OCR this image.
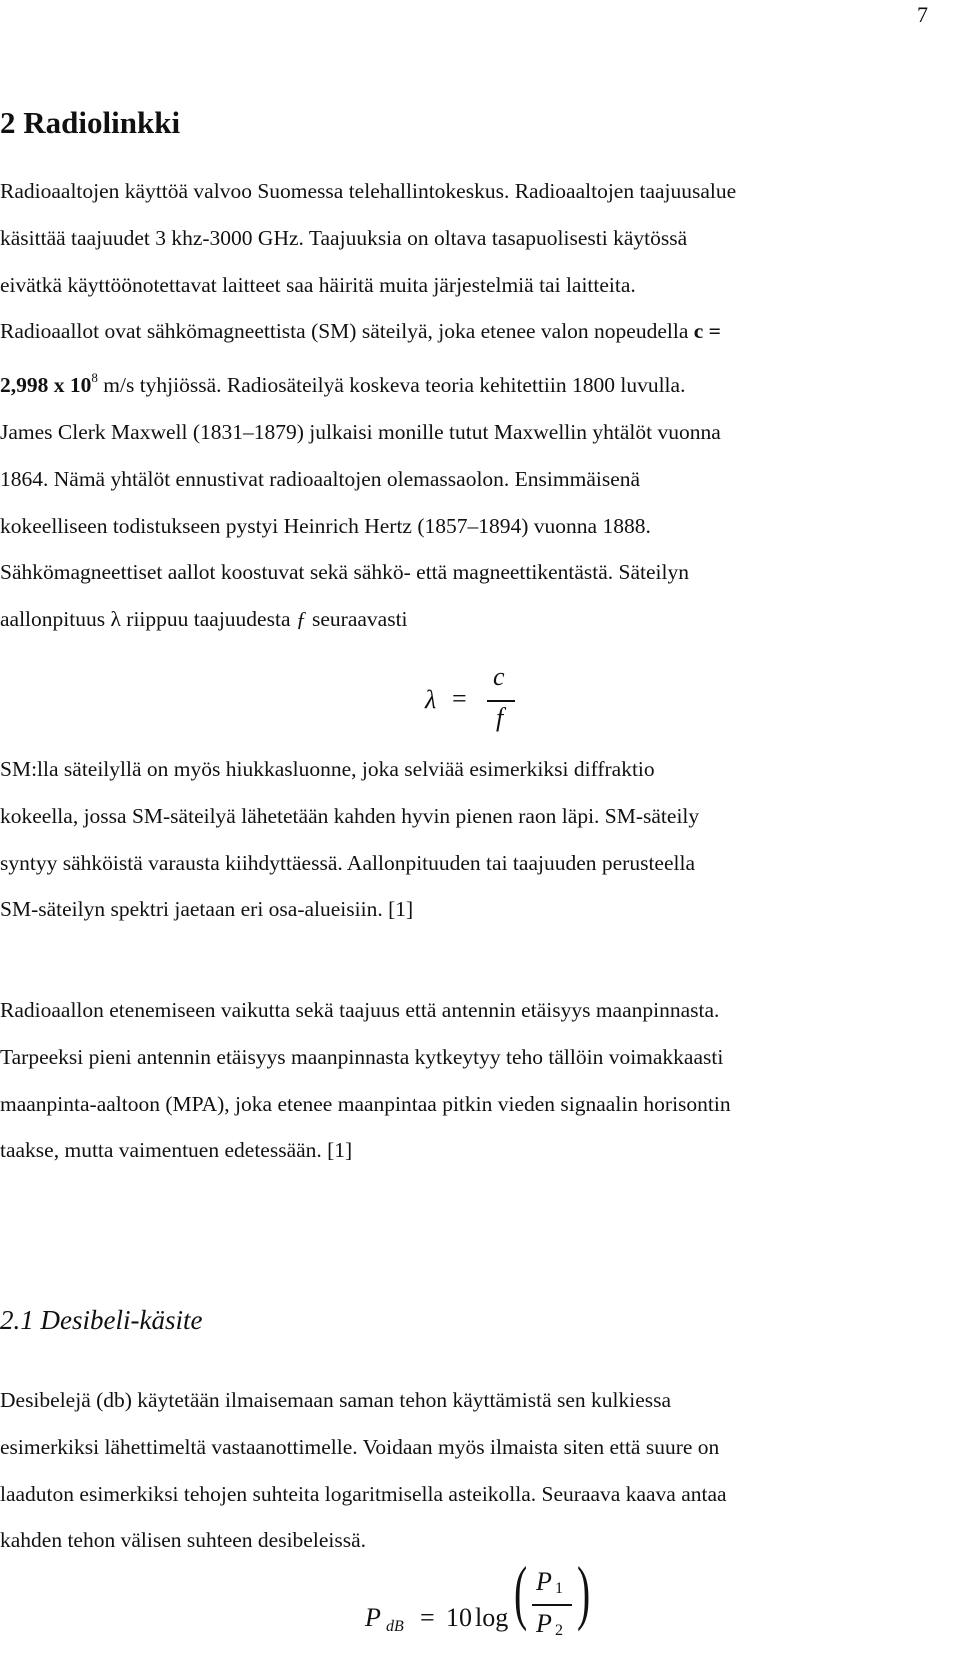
7
2 Radiolinkki
Radioaaltojen käyttöä valvoo Suomessa telehallintokeskus. Radioaaltojen taajuusalue
käsittää taajuudet 3 khz-3000 GHz. Taajuuksia on oltava tasapuolisesti käytössä
eivätkä käyttöönotettavat laitteet saa häiritä muita järjestelmiä tai laitteita.
Radioaallot ovat sähkömagneettista (SM) säteilyä, joka etenee valon nopeudella c =
2,998 x $10^8$ m/s tyhjiössä. Radiosäteilyä koskeva teoria kehitettiin 1800 luvulla.
James Clerk Maxwell (1831–1879) julkaisi monille tutut Maxwellin yhtälöt vuonna
1864. Nämä yhtälöt ennustivat radioaaltojen olemassaolon. Ensimmäisenä
kokeelliseen todistukseen pystyi Heinrich Hertz (1857–1894) vuonna 1888.
Sähkömagneettiset aallot koostuvat sekä sähkö- että magneettikentästä. Säteilyn
aallonpituus λ riippuu taajuudesta ƒ seuraavasti
λ =
c
f
SM:lla säteilyllä on myös hiukkasluonne, joka selviää esimerkiksi diffraktio
kokeella, jossa SM-säteilyä lähetetään kahden hyvin pienen raon läpi. SM-säteily
syntyy sähköistä varausta kiihdyttäessä. Aallonpituuden tai taajuuden perusteella
SM-säteilyn spektri jaetaan eri osa-alueisiin. [1]
Radioaallon etenemiseen vaikutta sekä taajuus että antennin etäisyys maanpinnasta.
Tarpeeksi pieni antennin etäisyys maanpinnasta kytkeytyy teho tällöin voimakkaasti
maanpinta-aaltoon (MPA), joka etenee maanpintaa pitkin vieden signaalin horisontin
taakse, mutta vaimentuen edetessään. [1]
2.1 Desibeli-käsite
Desibelejä (db) käytetään ilmaisemaan saman tehon käyttämistä sen kulkiessa
esimerkiksi lähettimeltä vastaanottimelle. Voidaan myös ilmaista siten että suure on
laaduton esimerkiksi tehojen suhteita logaritmisella asteikolla. Seuraava kaava antaa
kahden tehon välisen suhteen desibeleissä.
P dB = 10 log ( P 1
P 2 )
